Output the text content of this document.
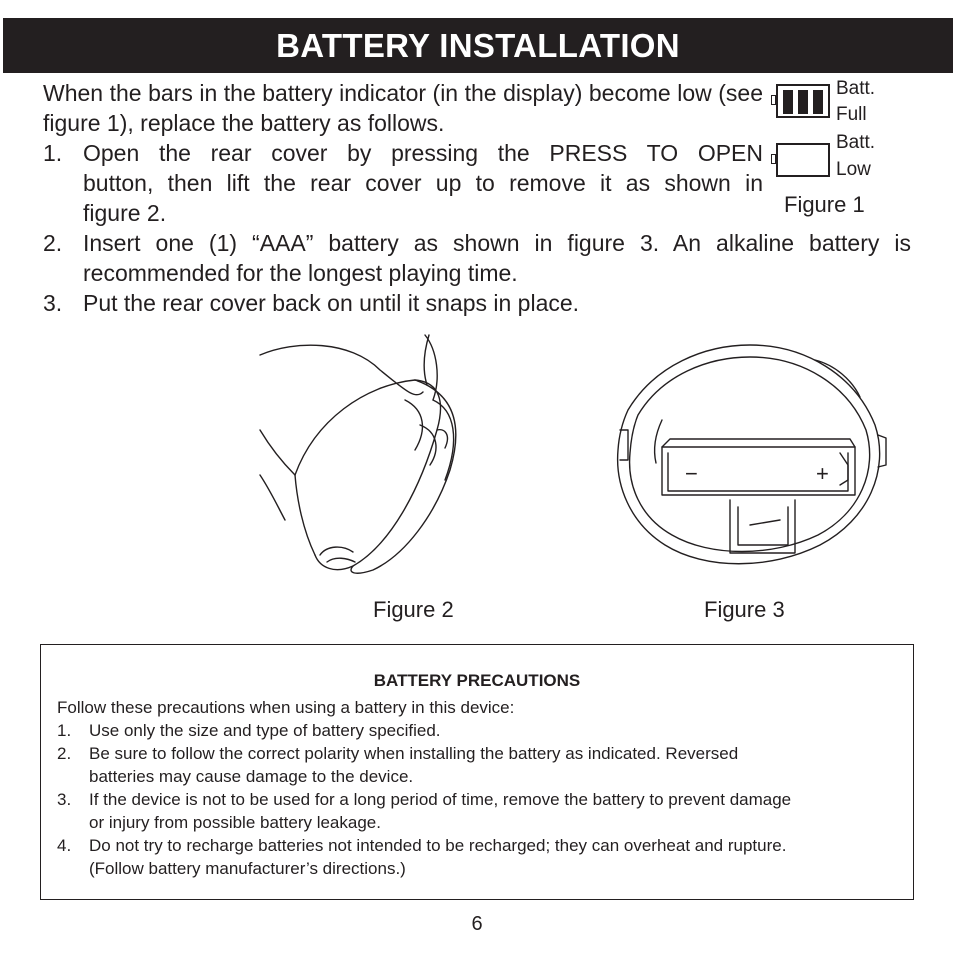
BATTERY INSTALLATION

When the bars in the battery indicator (in the display) become low (see figure 1), replace the battery as follows.

1. Open the rear cover by pressing the PRESS TO OPEN
button, then lift the rear cover up to remove it as shown in
figure 2.
2. Insert one (1) “AAA” battery as shown in figure 3. An alkaline battery is
recommended for the longest playing time.
3. Put the rear cover back on until it snaps in place.
Batt.
Full
Batt.
Low
Figure 1
−	+
Figure 2	Figure 3
BATTERY PRECAUTIONS
Follow these precautions when using a battery in this device:
1. Use only the size and type of battery specified.
2. Be sure to follow the correct polarity when installing the battery as indicated. Reversed
batteries may cause damage to the device.
3. If the device is not to be used for a long period of time, remove the battery to prevent damage
or injury from possible battery leakage.
4. Do not try to recharge batteries not intended to be recharged; they can overheat and rupture.
(Follow battery manufacturer’s directions.)
6
